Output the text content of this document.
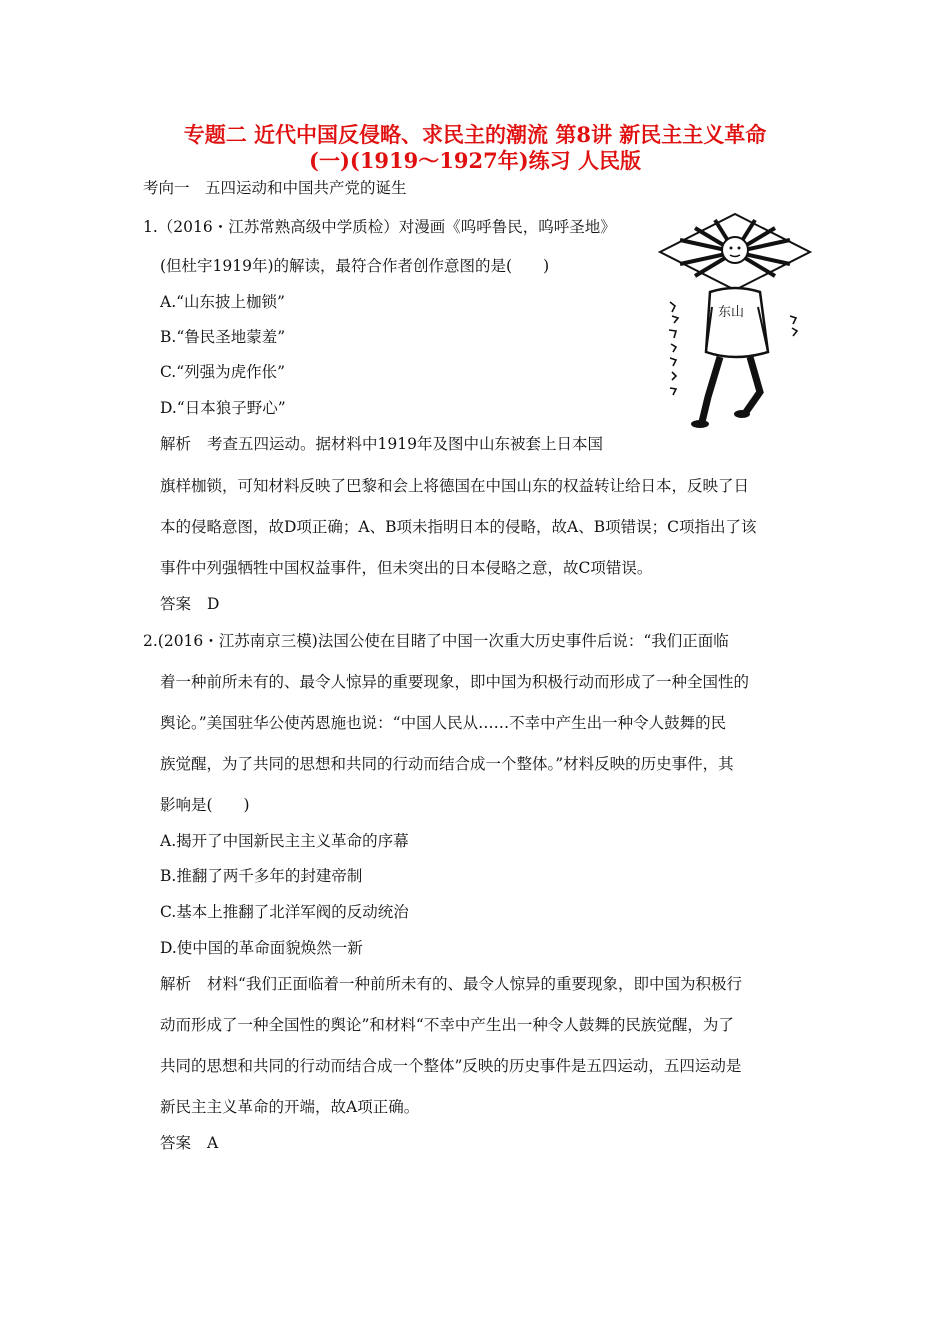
专题二 近代中国反侵略、求民主的潮流 第8讲 新民主主义革命
(一)(1919～1927年)练习 人民版
考向一　五四运动和中国共产党的诞生
1.（2016・江苏常熟高级中学质检）对漫画《呜呼鲁民，呜呼圣地》
(但杜宇1919年)的解读，最符合作者创作意图的是(　　)
A.“山东披上枷锁”
B.“鲁民圣地蒙羞”
C.“列强为虎作伥”
D.“日本狼子野心”
解析 考查五四运动。据材料中1919年及图中山东被套上日本国
旗样枷锁，可知材料反映了巴黎和会上将德国在中国山东的权益转让给日本，反映了日
本的侵略意图，故D项正确；A、B项未指明日本的侵略，故A、B项错误；C项指出了该
事件中列强牺牲中国权益事件，但未突出的日本侵略之意，故C项错误。
答案 D
东山
2.(2016・江苏南京三模)法国公使在目睹了中国一次重大历史事件后说：“我们正面临
着一种前所未有的、最令人惊异的重要现象，即中国为积极行动而形成了一种全国性的
舆论。”美国驻华公使芮恩施也说：“中国人民从……不幸中产生出一种令人鼓舞的民
族觉醒，为了共同的思想和共同的行动而结合成一个整体。”材料反映的历史事件，其
影响是(　　)
A.揭开了中国新民主主义革命的序幕
B.推翻了两千多年的封建帝制
C.基本上推翻了北洋军阀的反动统治
D.使中国的革命面貌焕然一新
解析 材料“我们正面临着一种前所未有的、最令人惊异的重要现象，即中国为积极行
动而形成了一种全国性的舆论”和材料“不幸中产生出一种令人鼓舞的民族觉醒，为了
共同的思想和共同的行动而结合成一个整体”反映的历史事件是五四运动，五四运动是
新民主主义革命的开端，故A项正确。
答案 A
